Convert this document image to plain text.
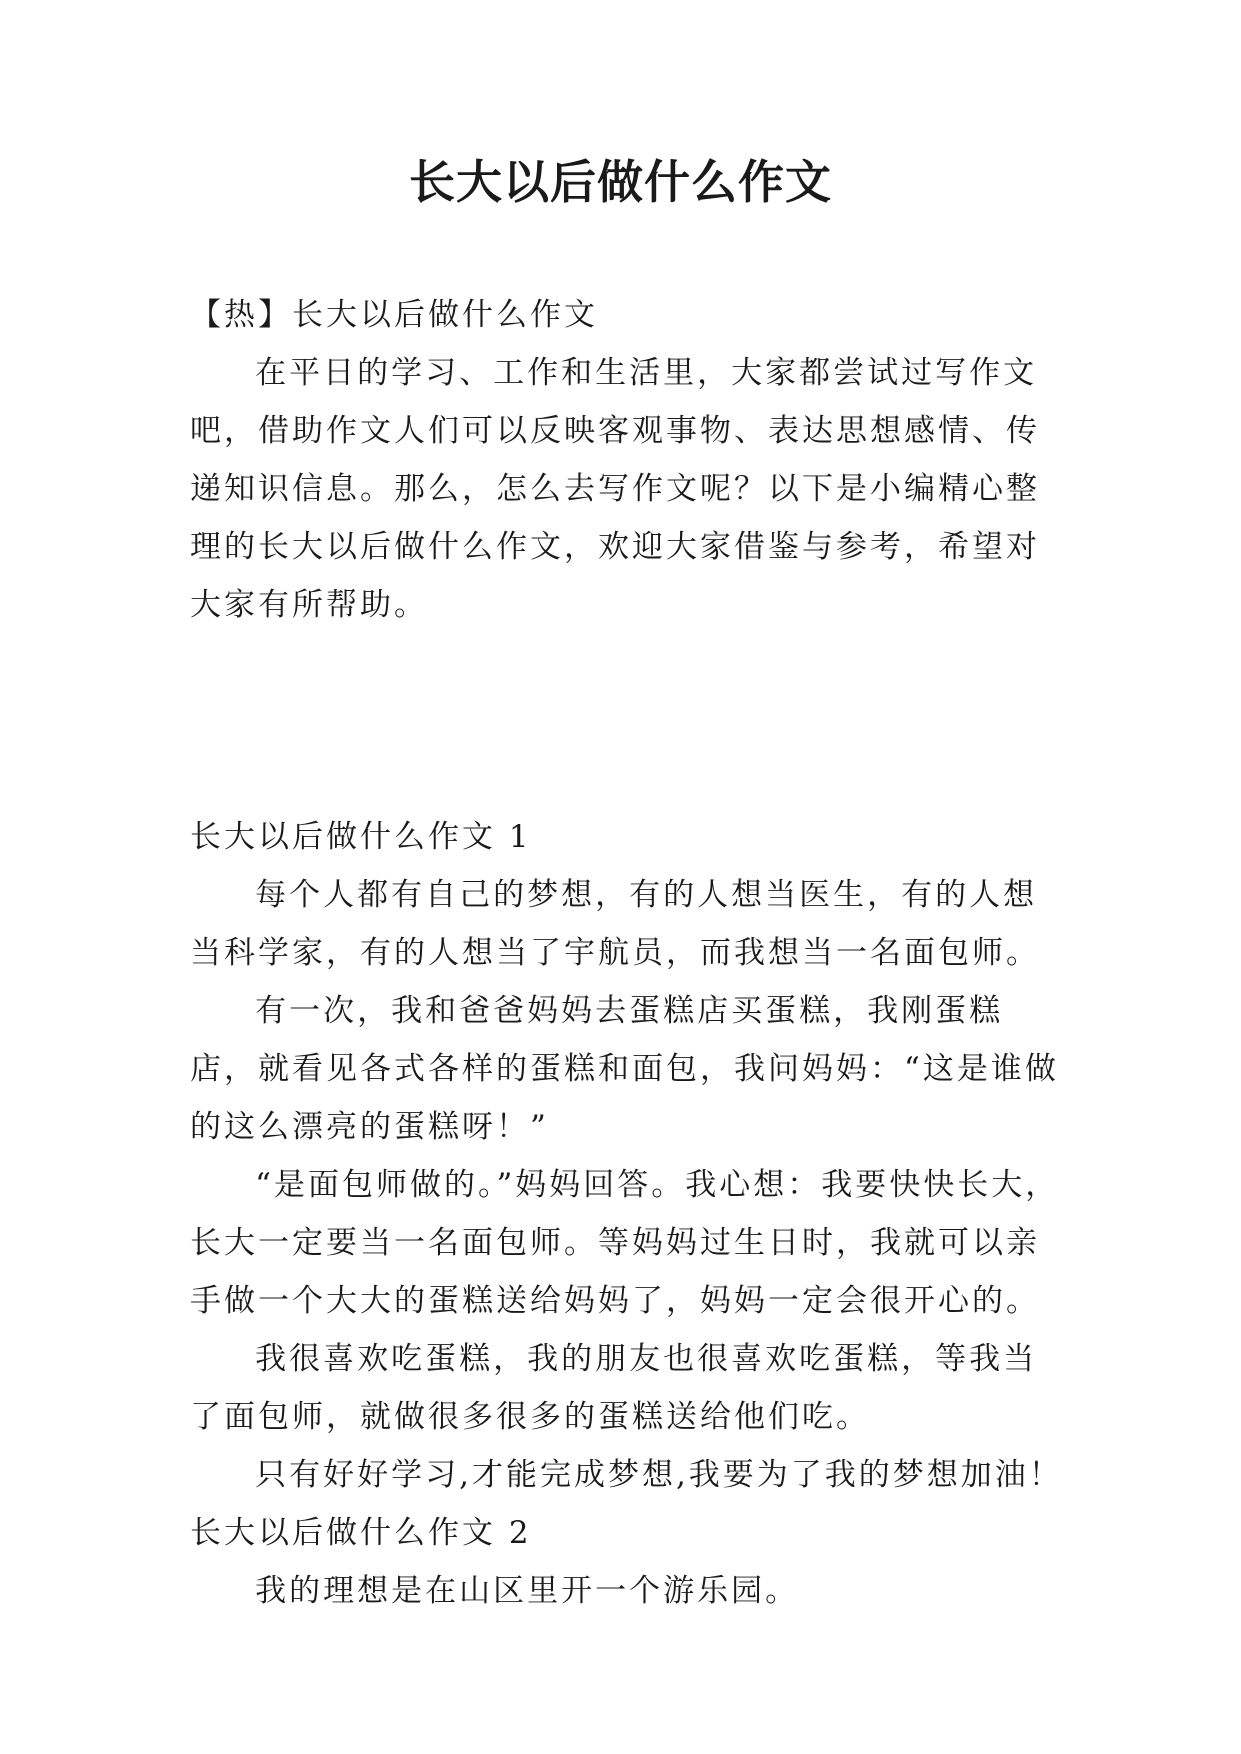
长大以后做什么作文

【热】长大以后做什么作文

在平日的学习、工作和生活里，大家都尝试过写作文吧，借助作文人们可以反映客观事物、表达思想感情、传递知识信息。那么，怎么去写作文呢？以下是小编精心整理的长大以后做什么作文，欢迎大家借鉴与参考，希望对大家有所帮助。

长大以后做什么作文 1

每个人都有自己的梦想，有的人想当医生，有的人想当科学家，有的人想当了宇航员，而我想当一名面包师。

有一次，我和爸爸妈妈去蛋糕店买蛋糕，我刚蛋糕店，就看见各式各样的蛋糕和面包，我问妈妈：“这是谁做的这么漂亮的蛋糕呀！”

“是面包师做的。”妈妈回答。我心想：我要快快长大，长大一定要当一名面包师。等妈妈过生日时，我就可以亲手做一个大大的蛋糕送给妈妈了，妈妈一定会很开心的。

我很喜欢吃蛋糕，我的朋友也很喜欢吃蛋糕，等我当了面包师，就做很多很多的蛋糕送给他们吃。

只有好好学习,才能完成梦想,我要为了我的梦想加油！

长大以后做什么作文 2

我的理想是在山区里开一个游乐园。
